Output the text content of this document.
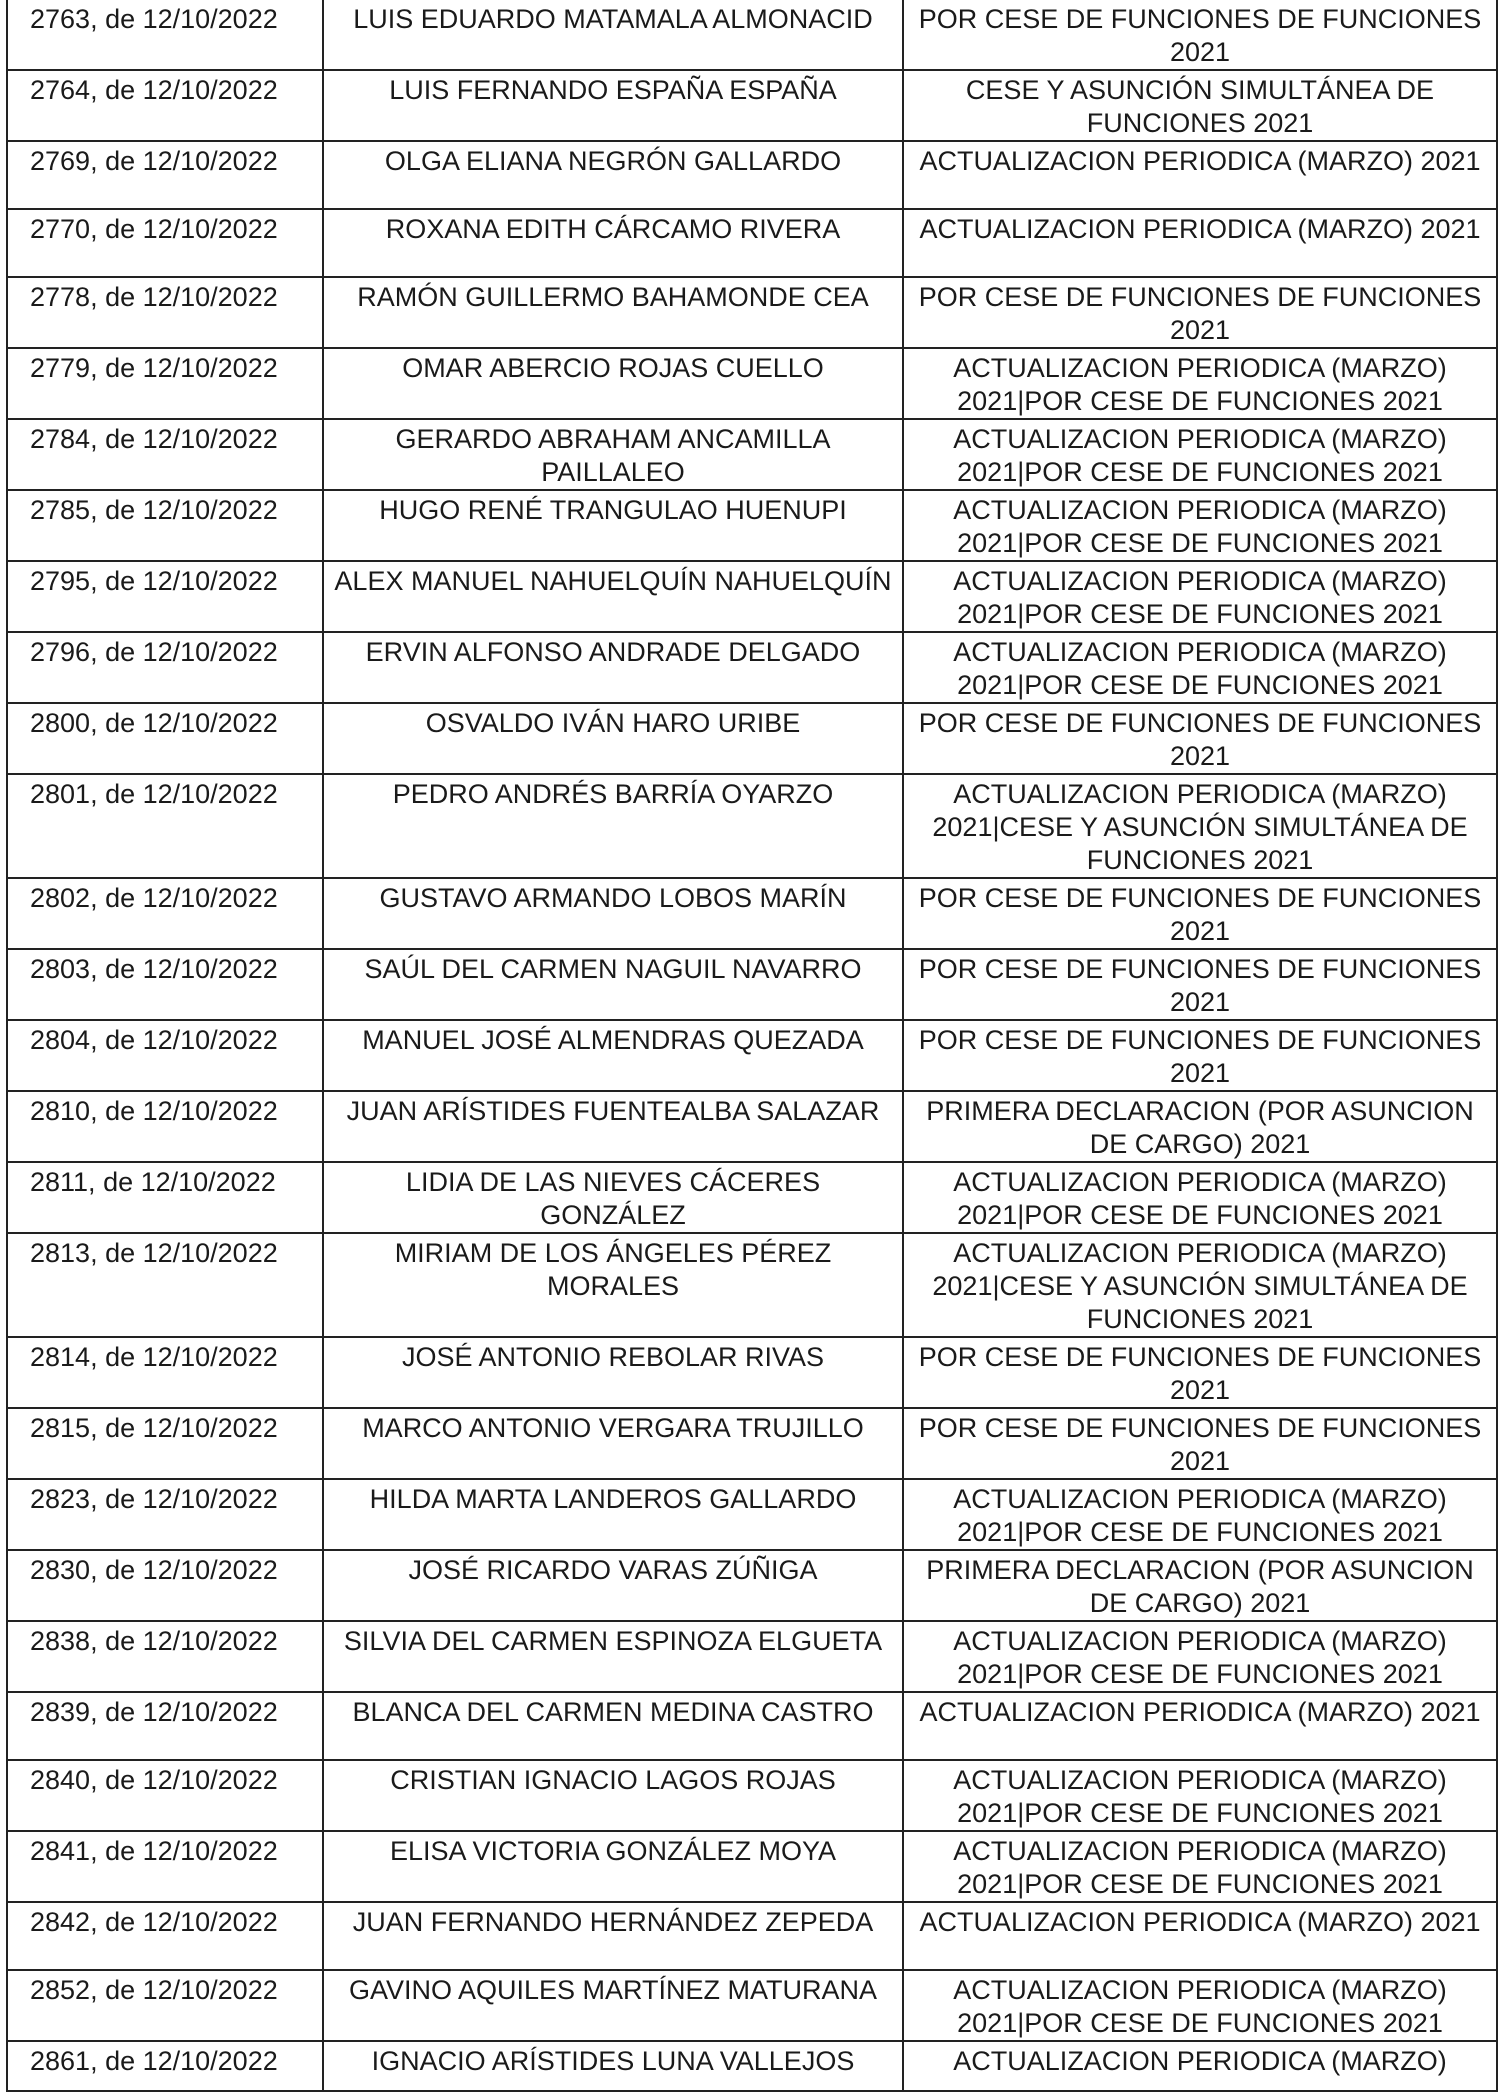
2763, de 12/10/2022	LUIS EDUARDO MATAMALA ALMONACID	POR CESE DE FUNCIONES DE FUNCIONES 2021
2764, de 12/10/2022	LUIS FERNANDO ESPAÑA ESPAÑA	CESE Y ASUNCIÓN SIMULTÁNEA DE FUNCIONES 2021
2769, de 12/10/2022	OLGA ELIANA NEGRÓN GALLARDO	ACTUALIZACION PERIODICA (MARZO) 2021
2770, de 12/10/2022	ROXANA EDITH CÁRCAMO RIVERA	ACTUALIZACION PERIODICA (MARZO) 2021
2778, de 12/10/2022	RAMÓN GUILLERMO BAHAMONDE CEA	POR CESE DE FUNCIONES DE FUNCIONES 2021
2779, de 12/10/2022	OMAR ABERCIO ROJAS CUELLO	ACTUALIZACION PERIODICA (MARZO) 2021|POR CESE DE FUNCIONES 2021
2784, de 12/10/2022	GERARDO ABRAHAM ANCAMILLA PAILLALEO	ACTUALIZACION PERIODICA (MARZO) 2021|POR CESE DE FUNCIONES 2021
2785, de 12/10/2022	HUGO RENÉ TRANGULAO HUENUPI	ACTUALIZACION PERIODICA (MARZO) 2021|POR CESE DE FUNCIONES 2021
2795, de 12/10/2022	ALEX MANUEL NAHUELQUÍN NAHUELQUÍN	ACTUALIZACION PERIODICA (MARZO) 2021|POR CESE DE FUNCIONES 2021
2796, de 12/10/2022	ERVIN ALFONSO ANDRADE DELGADO	ACTUALIZACION PERIODICA (MARZO) 2021|POR CESE DE FUNCIONES 2021
2800, de 12/10/2022	OSVALDO IVÁN HARO URIBE	POR CESE DE FUNCIONES DE FUNCIONES 2021
2801, de 12/10/2022	PEDRO ANDRÉS BARRÍA OYARZO	ACTUALIZACION PERIODICA (MARZO) 2021|CESE Y ASUNCIÓN SIMULTÁNEA DE FUNCIONES 2021
2802, de 12/10/2022	GUSTAVO ARMANDO LOBOS MARÍN	POR CESE DE FUNCIONES DE FUNCIONES 2021
2803, de 12/10/2022	SAÚL DEL CARMEN NAGUIL NAVARRO	POR CESE DE FUNCIONES DE FUNCIONES 2021
2804, de 12/10/2022	MANUEL JOSÉ ALMENDRAS QUEZADA	POR CESE DE FUNCIONES DE FUNCIONES 2021
2810, de 12/10/2022	JUAN ARÍSTIDES FUENTEALBA SALAZAR	PRIMERA DECLARACION (POR ASUNCION DE CARGO) 2021
2811, de 12/10/2022	LIDIA DE LAS NIEVES CÁCERES GONZÁLEZ	ACTUALIZACION PERIODICA (MARZO) 2021|POR CESE DE FUNCIONES 2021
2813, de 12/10/2022	MIRIAM DE LOS ÁNGELES PÉREZ MORALES	ACTUALIZACION PERIODICA (MARZO) 2021|CESE Y ASUNCIÓN SIMULTÁNEA DE FUNCIONES 2021
2814, de 12/10/2022	JOSÉ ANTONIO REBOLAR RIVAS	POR CESE DE FUNCIONES DE FUNCIONES 2021
2815, de 12/10/2022	MARCO ANTONIO VERGARA TRUJILLO	POR CESE DE FUNCIONES DE FUNCIONES 2021
2823, de 12/10/2022	HILDA MARTA LANDEROS GALLARDO	ACTUALIZACION PERIODICA (MARZO) 2021|POR CESE DE FUNCIONES 2021
2830, de 12/10/2022	JOSÉ RICARDO VARAS ZÚÑIGA	PRIMERA DECLARACION (POR ASUNCION DE CARGO) 2021
2838, de 12/10/2022	SILVIA DEL CARMEN ESPINOZA ELGUETA	ACTUALIZACION PERIODICA (MARZO) 2021|POR CESE DE FUNCIONES 2021
2839, de 12/10/2022	BLANCA DEL CARMEN MEDINA CASTRO	ACTUALIZACION PERIODICA (MARZO) 2021
2840, de 12/10/2022	CRISTIAN IGNACIO LAGOS ROJAS	ACTUALIZACION PERIODICA (MARZO) 2021|POR CESE DE FUNCIONES 2021
2841, de 12/10/2022	ELISA VICTORIA GONZÁLEZ MOYA	ACTUALIZACION PERIODICA (MARZO) 2021|POR CESE DE FUNCIONES 2021
2842, de 12/10/2022	JUAN FERNANDO HERNÁNDEZ ZEPEDA	ACTUALIZACION PERIODICA (MARZO) 2021
2852, de 12/10/2022	GAVINO AQUILES MARTÍNEZ MATURANA	ACTUALIZACION PERIODICA (MARZO) 2021|POR CESE DE FUNCIONES 2021
2861, de 12/10/2022	IGNACIO ARÍSTIDES LUNA VALLEJOS	ACTUALIZACION PERIODICA (MARZO)
